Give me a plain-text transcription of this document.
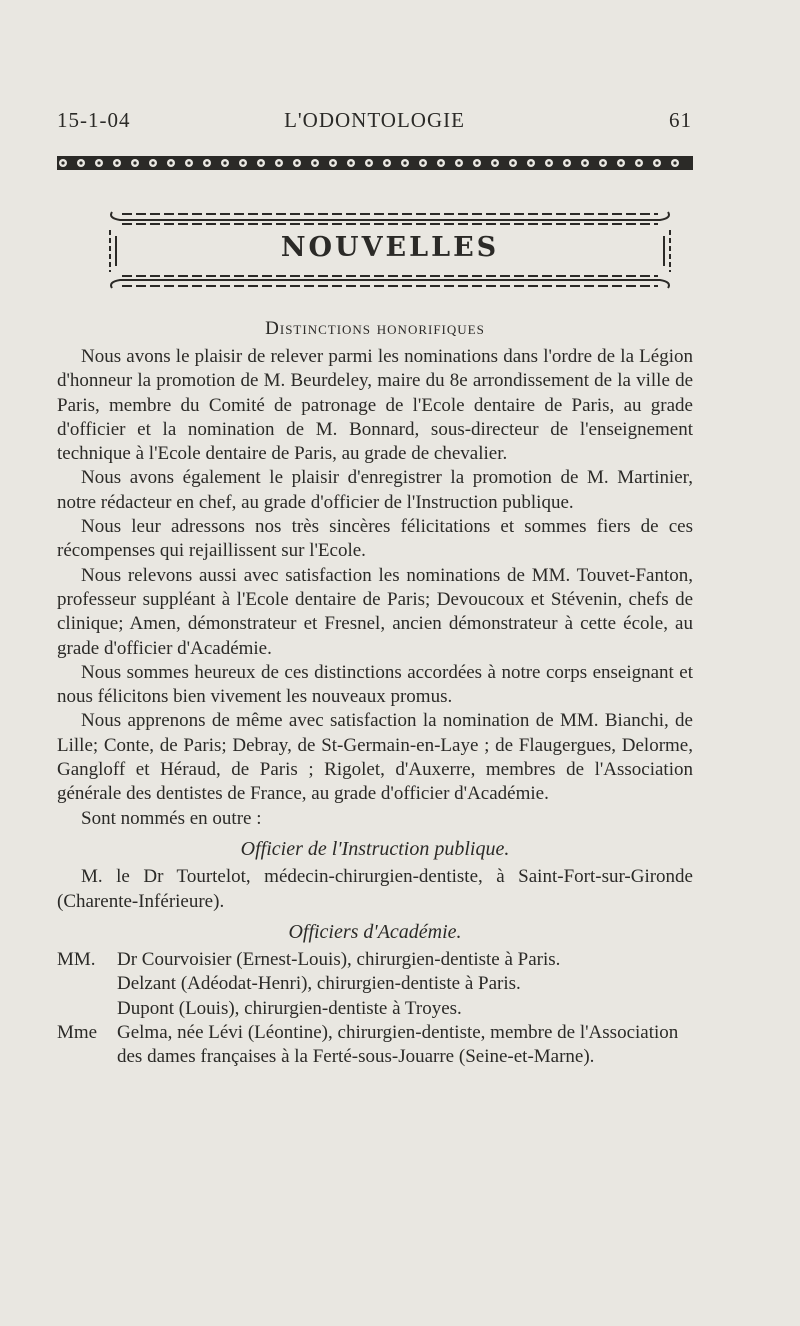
15-1-04	L'ODONTOLOGIE	61
NOUVELLES
Distinctions honorifiques

Nous avons le plaisir de relever parmi les nominations dans l'ordre de la Légion d'honneur la promotion de M. Beurdeley, maire du 8e arrondissement de la ville de Paris, membre du Comité de patronage de l'Ecole dentaire de Paris, au grade d'officier et la nomination de M. Bonnard, sous-directeur de l'enseignement technique à l'Ecole dentaire de Paris, au grade de chevalier.

Nous avons également le plaisir d'enregistrer la promotion de M. Martinier, notre rédacteur en chef, au grade d'officier de l'Instruction publique.

Nous leur adressons nos très sincères félicitations et sommes fiers de ces récompenses qui rejaillissent sur l'Ecole.

Nous relevons aussi avec satisfaction les nominations de MM. Touvet-Fanton, professeur suppléant à l'Ecole dentaire de Paris; Devoucoux et Stévenin, chefs de clinique; Amen, démonstrateur et Fresnel, ancien démonstrateur à cette école, au grade d'officier d'Académie.

Nous sommes heureux de ces distinctions accordées à notre corps enseignant et nous félicitons bien vivement les nouveaux promus.

Nous apprenons de même avec satisfaction la nomination de MM. Bianchi, de Lille; Conte, de Paris; Debray, de St-Germain-en-Laye ; de Flaugergues, Delorme, Gangloff et Héraud, de Paris ; Rigolet, d'Auxerre, membres de l'Association générale des dentistes de France, au grade d'officier d'Académie.

Sont nommés en outre :

Officier de l'Instruction publique.

M. le Dr Tourtelot, médecin-chirurgien-dentiste, à Saint-Fort-sur-Gironde (Charente-Inférieure).

Officiers d'Académie.
MM.	Dr Courvoisier (Ernest-Louis), chirurgien-dentiste à Paris.
Delzant (Adéodat-Henri), chirurgien-dentiste à Paris.
Dupont (Louis), chirurgien-dentiste à Troyes.
Mme	Gelma, née Lévi (Léontine), chirurgien-dentiste, membre de l'Association des dames françaises à la Ferté-sous-Jouarre (Seine-et-Marne).
